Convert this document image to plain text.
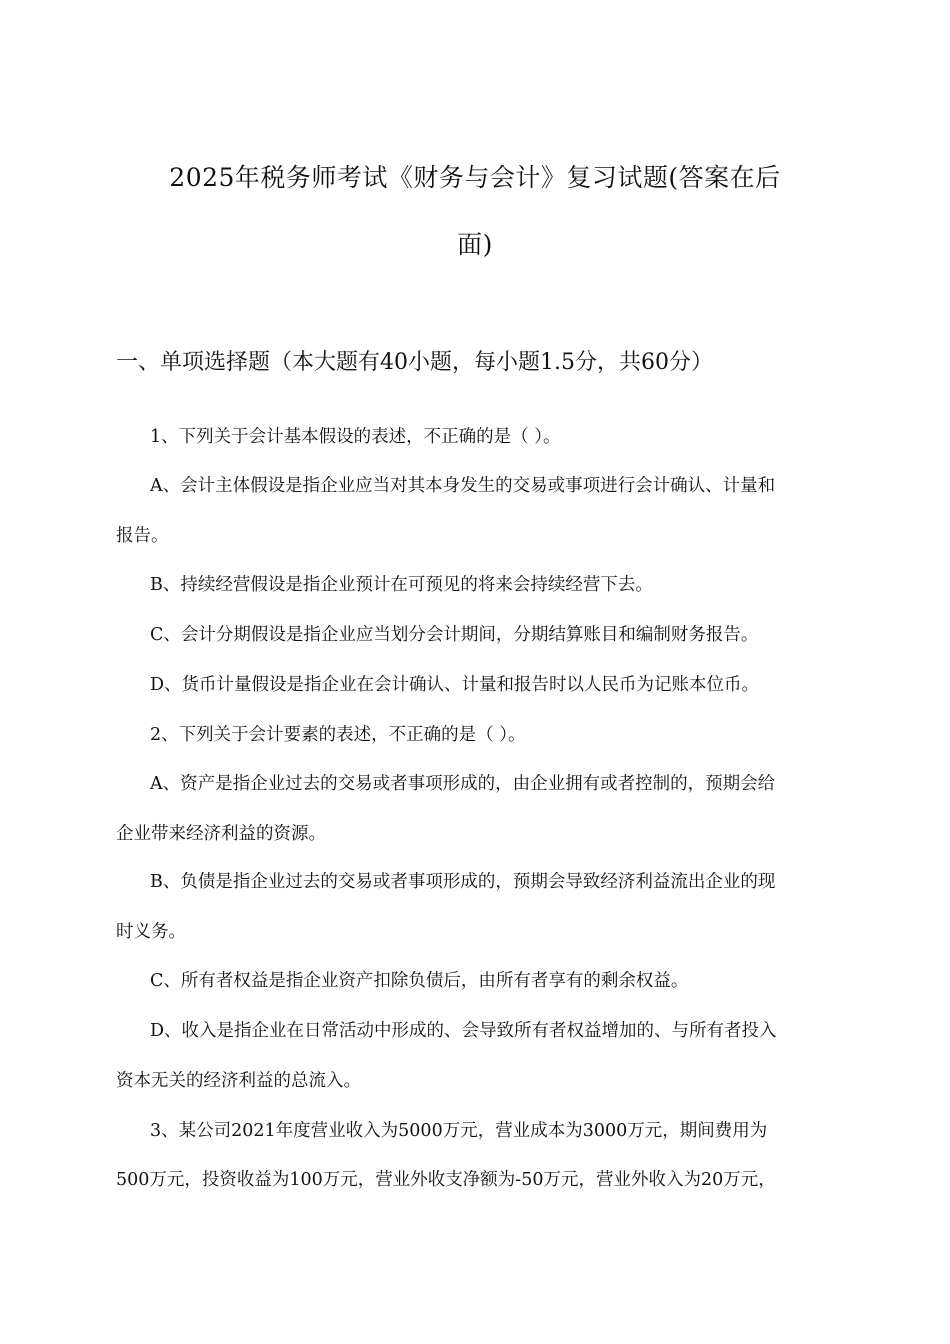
2025年税务师考试《财务与会计》复习试题(答案在后
面)
一、单项选择题（本大题有40小题，每小题1.5分，共60分）
1、下列关于会计基本假设的表述，不正确的是（ ）。
A、会计主体假设是指企业应当对其本身发生的交易或事项进行会计确认、计量和
报告。
B、持续经营假设是指企业预计在可预见的将来会持续经营下去。
C、会计分期假设是指企业应当划分会计期间，分期结算账目和编制财务报告。
D、货币计量假设是指企业在会计确认、计量和报告时以人民币为记账本位币。
2、下列关于会计要素的表述，不正确的是（ ）。
A、资产是指企业过去的交易或者事项形成的，由企业拥有或者控制的，预期会给
企业带来经济利益的资源。
B、负债是指企业过去的交易或者事项形成的，预期会导致经济利益流出企业的现
时义务。
C、所有者权益是指企业资产扣除负债后，由所有者享有的剩余权益。
D、收入是指企业在日常活动中形成的、会导致所有者权益增加的、与所有者投入
资本无关的经济利益的总流入。
3、某公司2021年度营业收入为5000万元，营业成本为3000万元，期间费用为
500万元，投资收益为100万元，营业外收支净额为-50万元，营业外收入为20万元，
